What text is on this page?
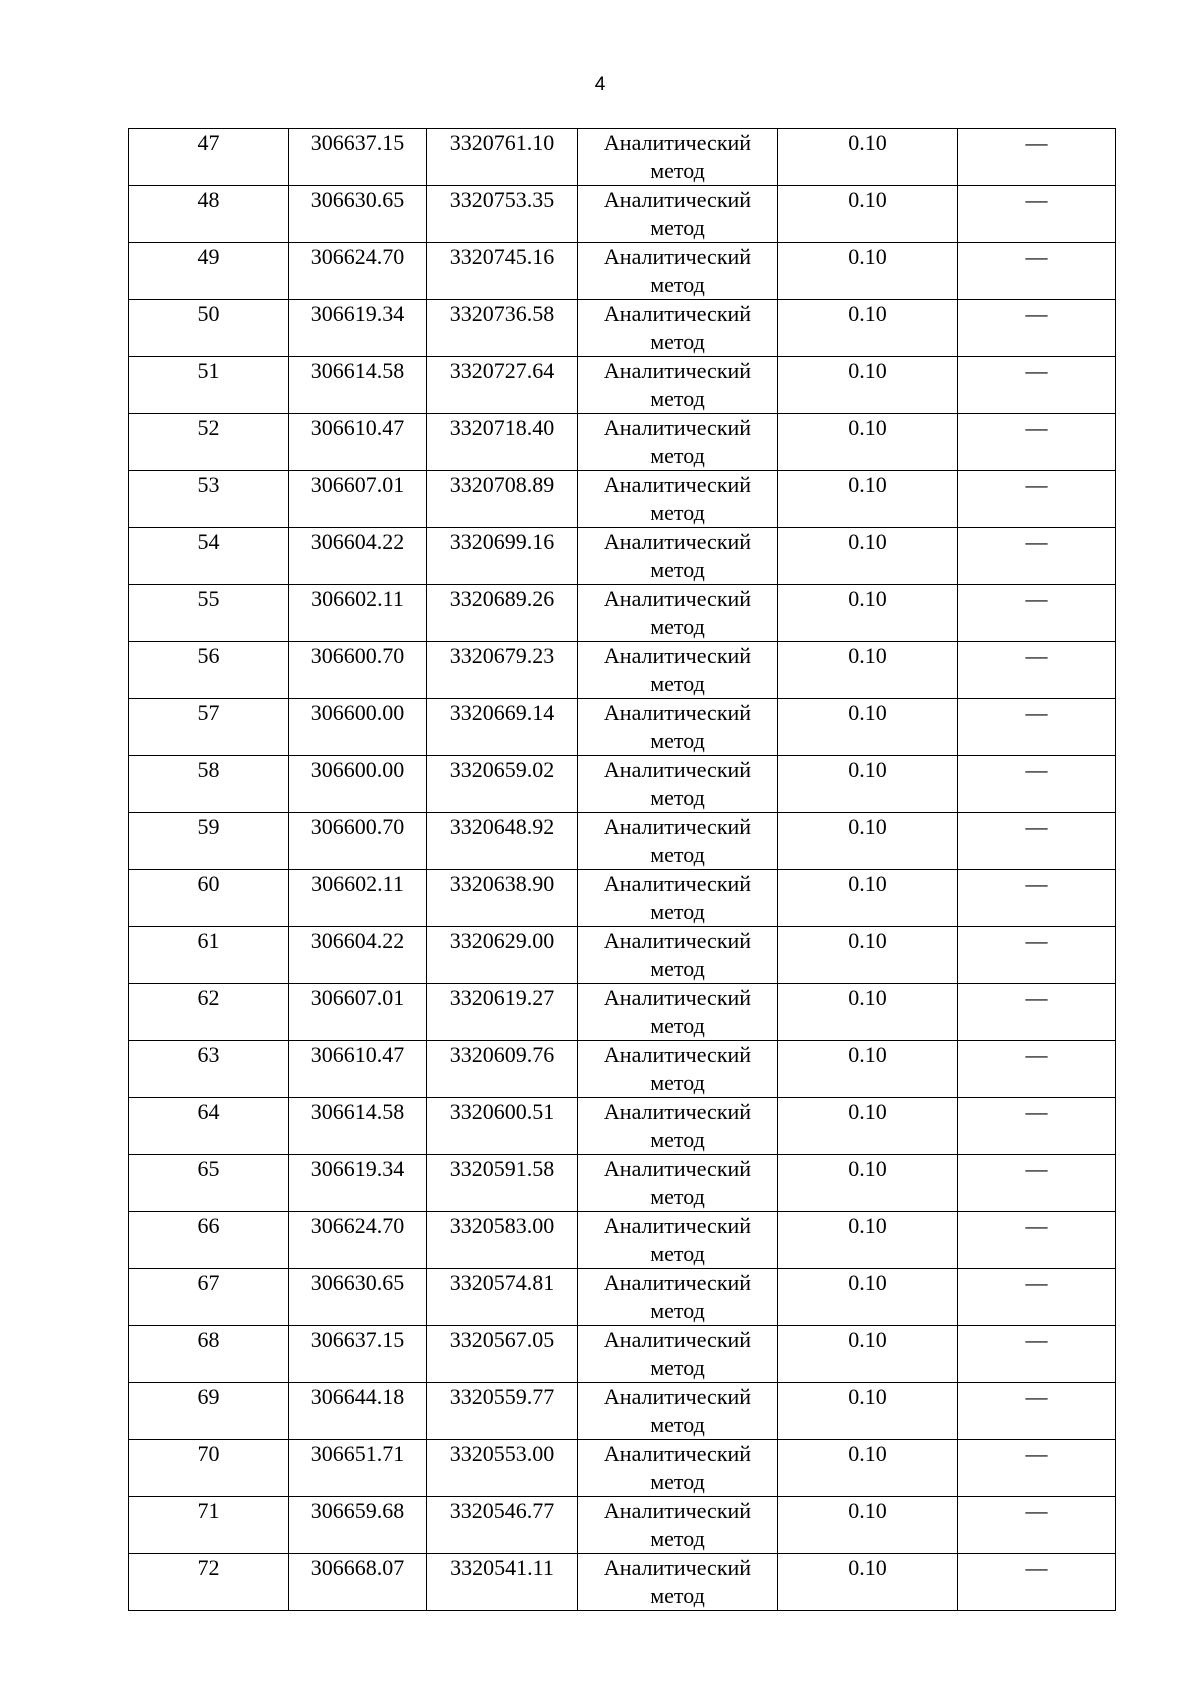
4
47	306637.15	3320761.10	Аналитический метод	0.10	—

48	306630.65	3320753.35	Аналитический метод	0.10	—

49	306624.70	3320745.16	Аналитический метод	0.10	—

50	306619.34	3320736.58	Аналитический метод	0.10	—

51	306614.58	3320727.64	Аналитический метод	0.10	—

52	306610.47	3320718.40	Аналитический метод	0.10	—

53	306607.01	3320708.89	Аналитический метод	0.10	—

54	306604.22	3320699.16	Аналитический метод	0.10	—

55	306602.11	3320689.26	Аналитический метод	0.10	—

56	306600.70	3320679.23	Аналитический метод	0.10	—

57	306600.00	3320669.14	Аналитический метод	0.10	—

58	306600.00	3320659.02	Аналитический метод	0.10	—

59	306600.70	3320648.92	Аналитический метод	0.10	—

60	306602.11	3320638.90	Аналитический метод	0.10	—

61	306604.22	3320629.00	Аналитический метод	0.10	—

62	306607.01	3320619.27	Аналитический метод	0.10	—

63	306610.47	3320609.76	Аналитический метод	0.10	—

64	306614.58	3320600.51	Аналитический метод	0.10	—

65	306619.34	3320591.58	Аналитический метод	0.10	—

66	306624.70	3320583.00	Аналитический метод	0.10	—

67	306630.65	3320574.81	Аналитический метод	0.10	—

68	306637.15	3320567.05	Аналитический метод	0.10	—

69	306644.18	3320559.77	Аналитический метод	0.10	—

70	306651.71	3320553.00	Аналитический метод	0.10	—

71	306659.68	3320546.77	Аналитический метод	0.10	—

72	306668.07	3320541.11	Аналитический метод	0.10	—
